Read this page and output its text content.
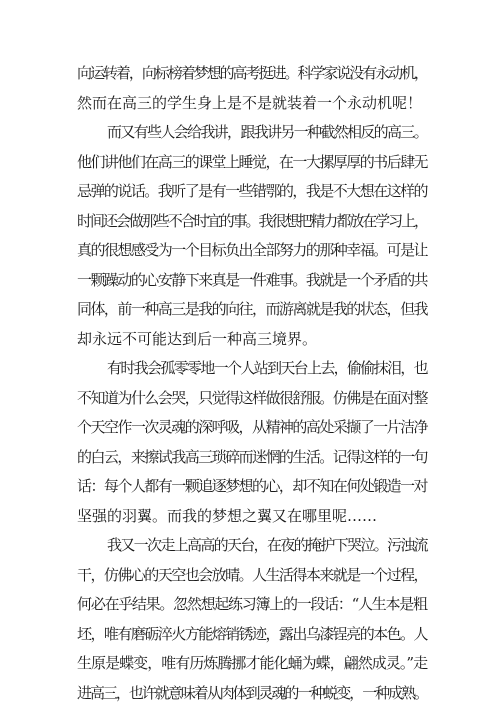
向运转着，向标榜着梦想的高考挺进。科学家说没有永动机，
然而在高三的学生身上是不是就装着一个永动机呢！
而又有些人会给我讲，跟我讲另一种截然相反的高三。
他们讲他们在高三的课堂上睡觉，在一大摞厚厚的书后肆无
忌弹的说话。我听了是有一些错鄂的，我是不大想在这样的
时间还会做那些不合时宜的事。我很想把精力都放在学习上，
真的很想感受为一个目标负出全部努力的那种幸福。可是让
一颗躁动的心安静下来真是一件难事。我就是一个矛盾的共
同体，前一种高三是我的向往，而游离就是我的状态，但我
却永远不可能达到后一种高三境界。
有时我会孤零零地一个人站到天台上去，偷偷抹泪，也
不知道为什么会哭，只觉得这样做很舒服。仿佛是在面对整
个天空作一次灵魂的深呼吸，从精神的高处采撷了一片洁净
的白云，来擦试我高三琐碎而迷惘的生活。记得这样的一句
话：每个人都有一颗追逐梦想的心，却不知在何处锻造一对
坚强的羽翼。而我的梦想之翼又在哪里呢……
我又一次走上高高的天台，在夜的掩护下哭泣。污浊流
干，仿佛心的天空也会放晴。人生活得本来就是一个过程，
何必在乎结果。忽然想起练习簿上的一段话：“人生本是粗
坯，唯有磨砺淬火方能熔销锈迹，露出乌漆锃亮的本色。人
生原是蝶变，唯有历炼腾挪才能化蛹为蝶，翩然成灵。”走
进高三，也许就意味着从肉体到灵魂的一种蜕变，一种成熟。
